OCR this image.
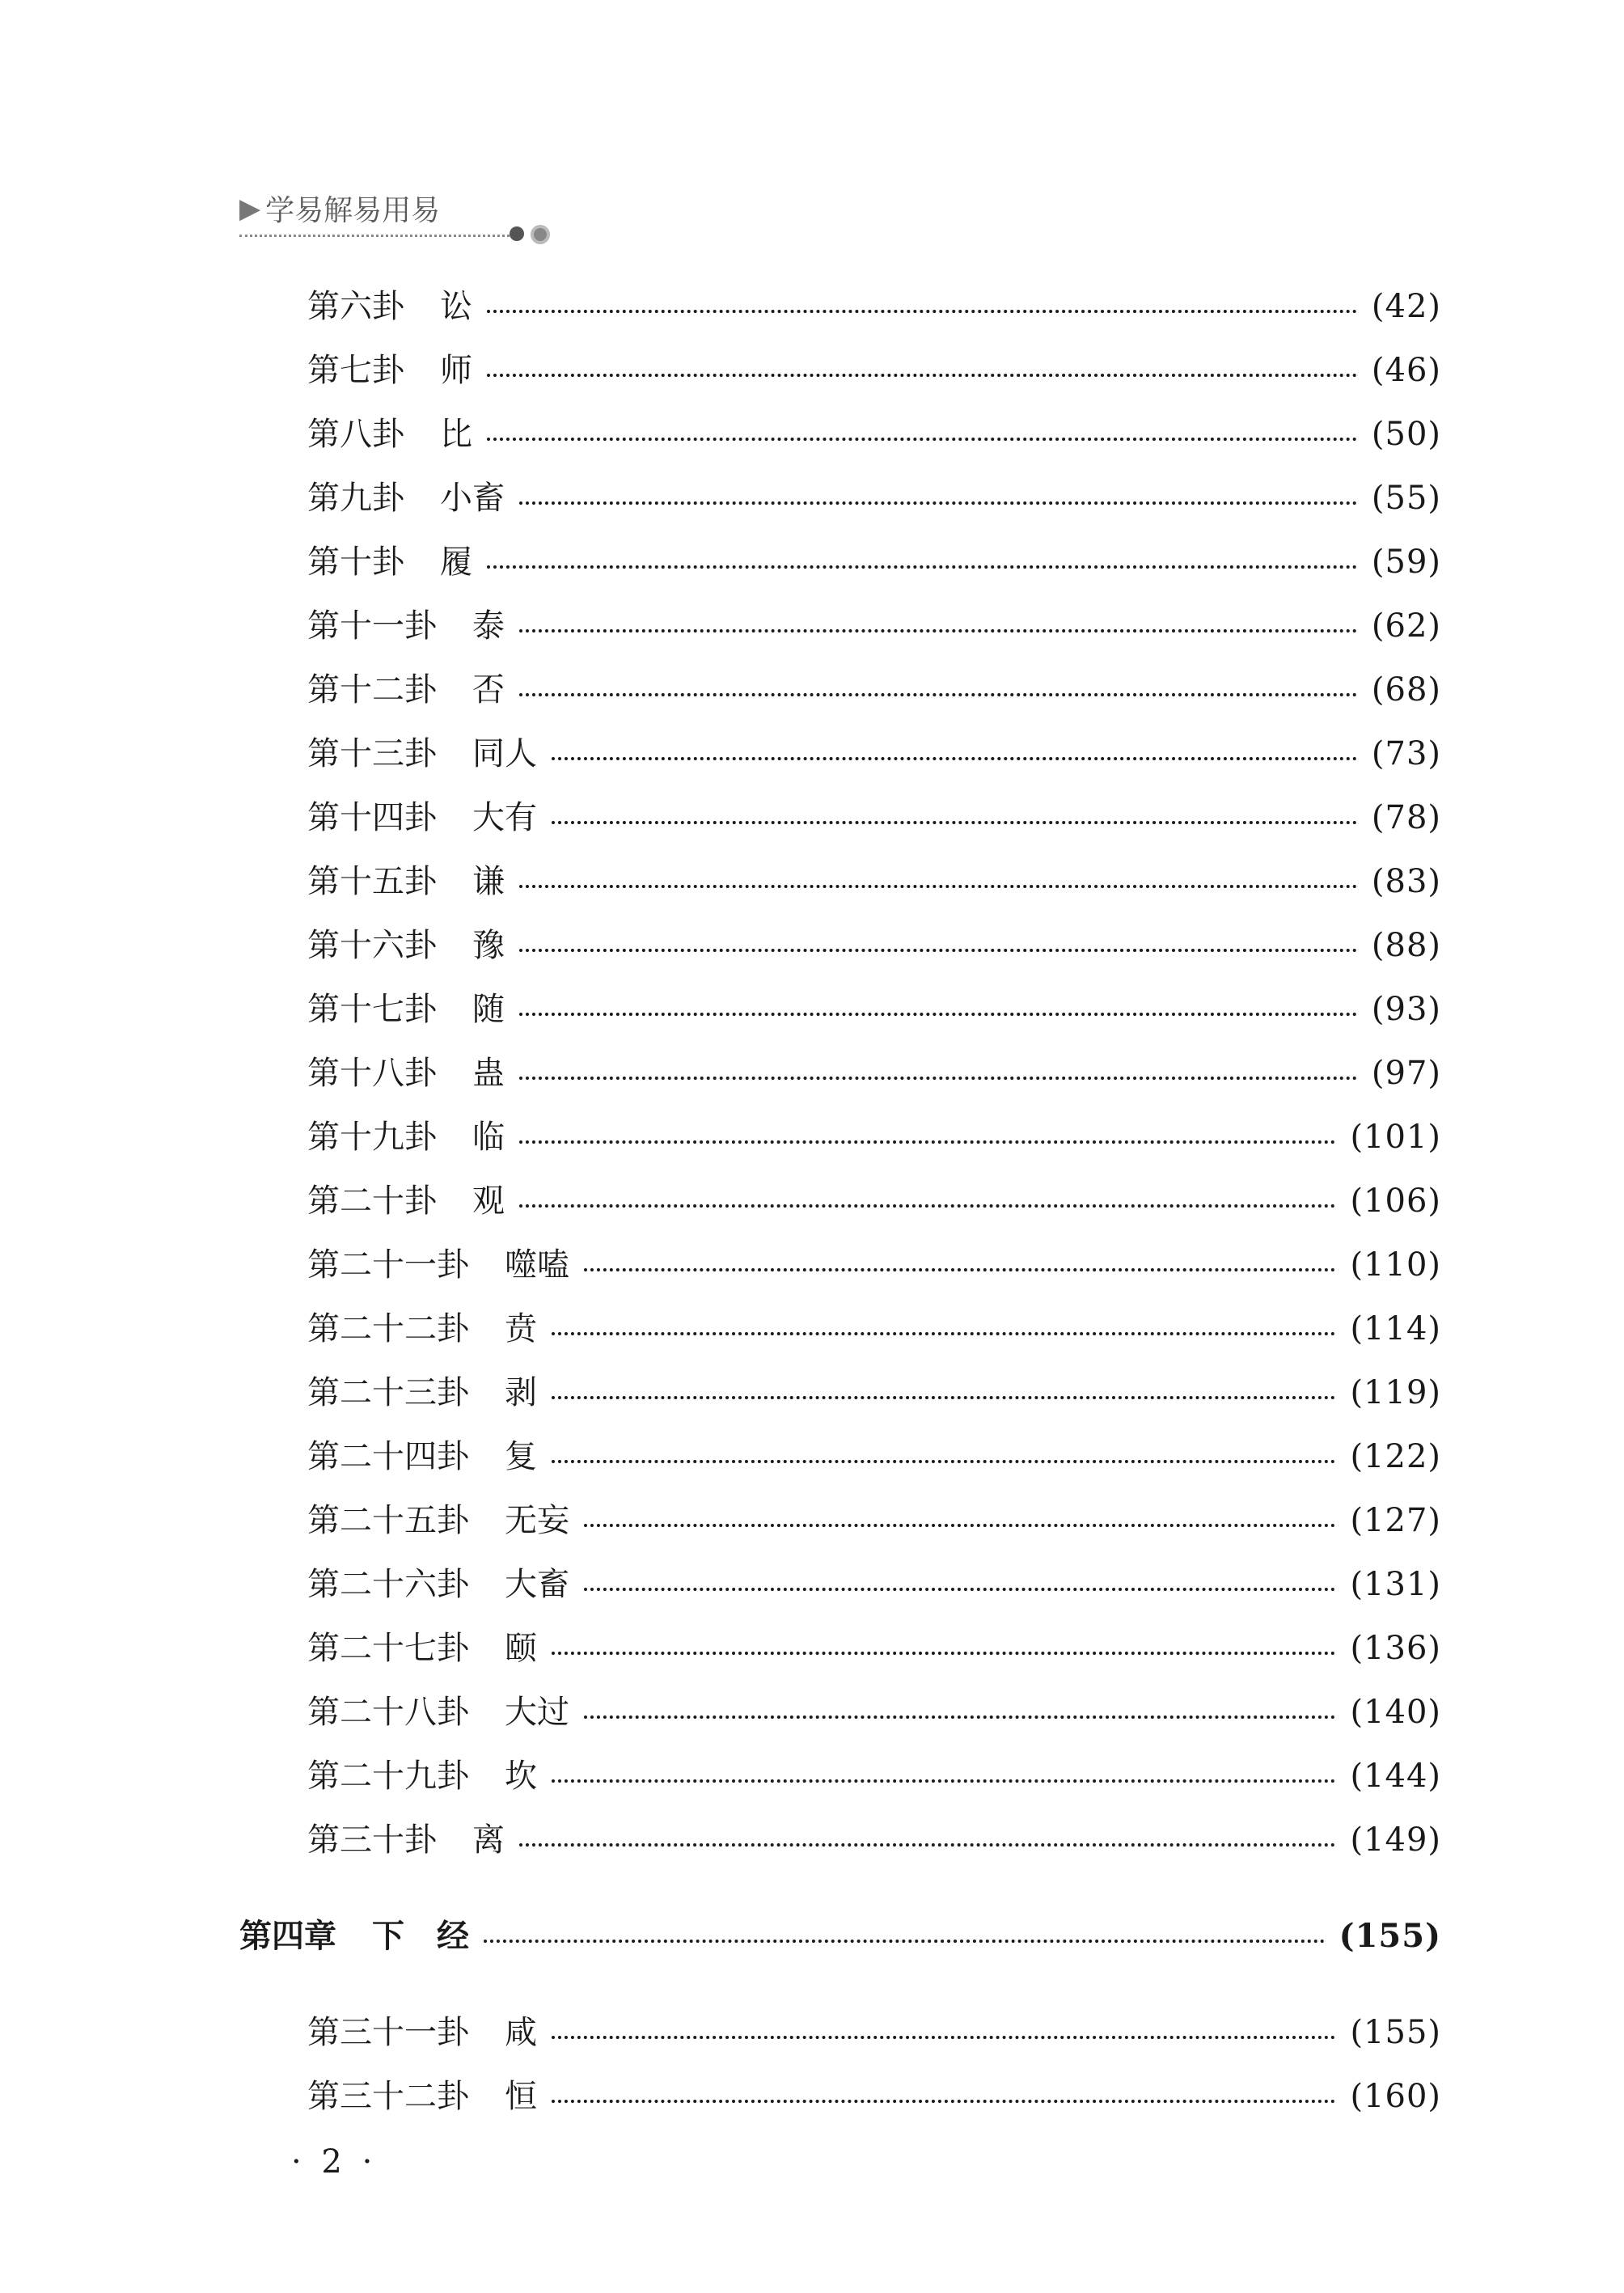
▶ 学易解易用易
第六卦 讼	(42)
第七卦 师	(46)
第八卦 比	(50)
第九卦 小畜	(55)
第十卦 履	(59)
第十一卦 泰	(62)
第十二卦 否	(68)
第十三卦 同人	(73)
第十四卦 大有	(78)
第十五卦 谦	(83)
第十六卦 豫	(88)
第十七卦 随	(93)
第十八卦 蛊	(97)
第十九卦 临	(101)
第二十卦 观	(106)
第二十一卦 噬嗑	(110)
第二十二卦 贲	(114)
第二十三卦 剥	(119)
第二十四卦 复	(122)
第二十五卦 无妄	(127)
第二十六卦 大畜	(131)
第二十七卦 颐	(136)
第二十八卦 大过	(140)
第二十九卦 坎	(144)
第三十卦 离	(149)
第四章 下　经	(155)
第三十一卦 咸	(155)
第三十二卦 恒	(160)
· 2 ·
